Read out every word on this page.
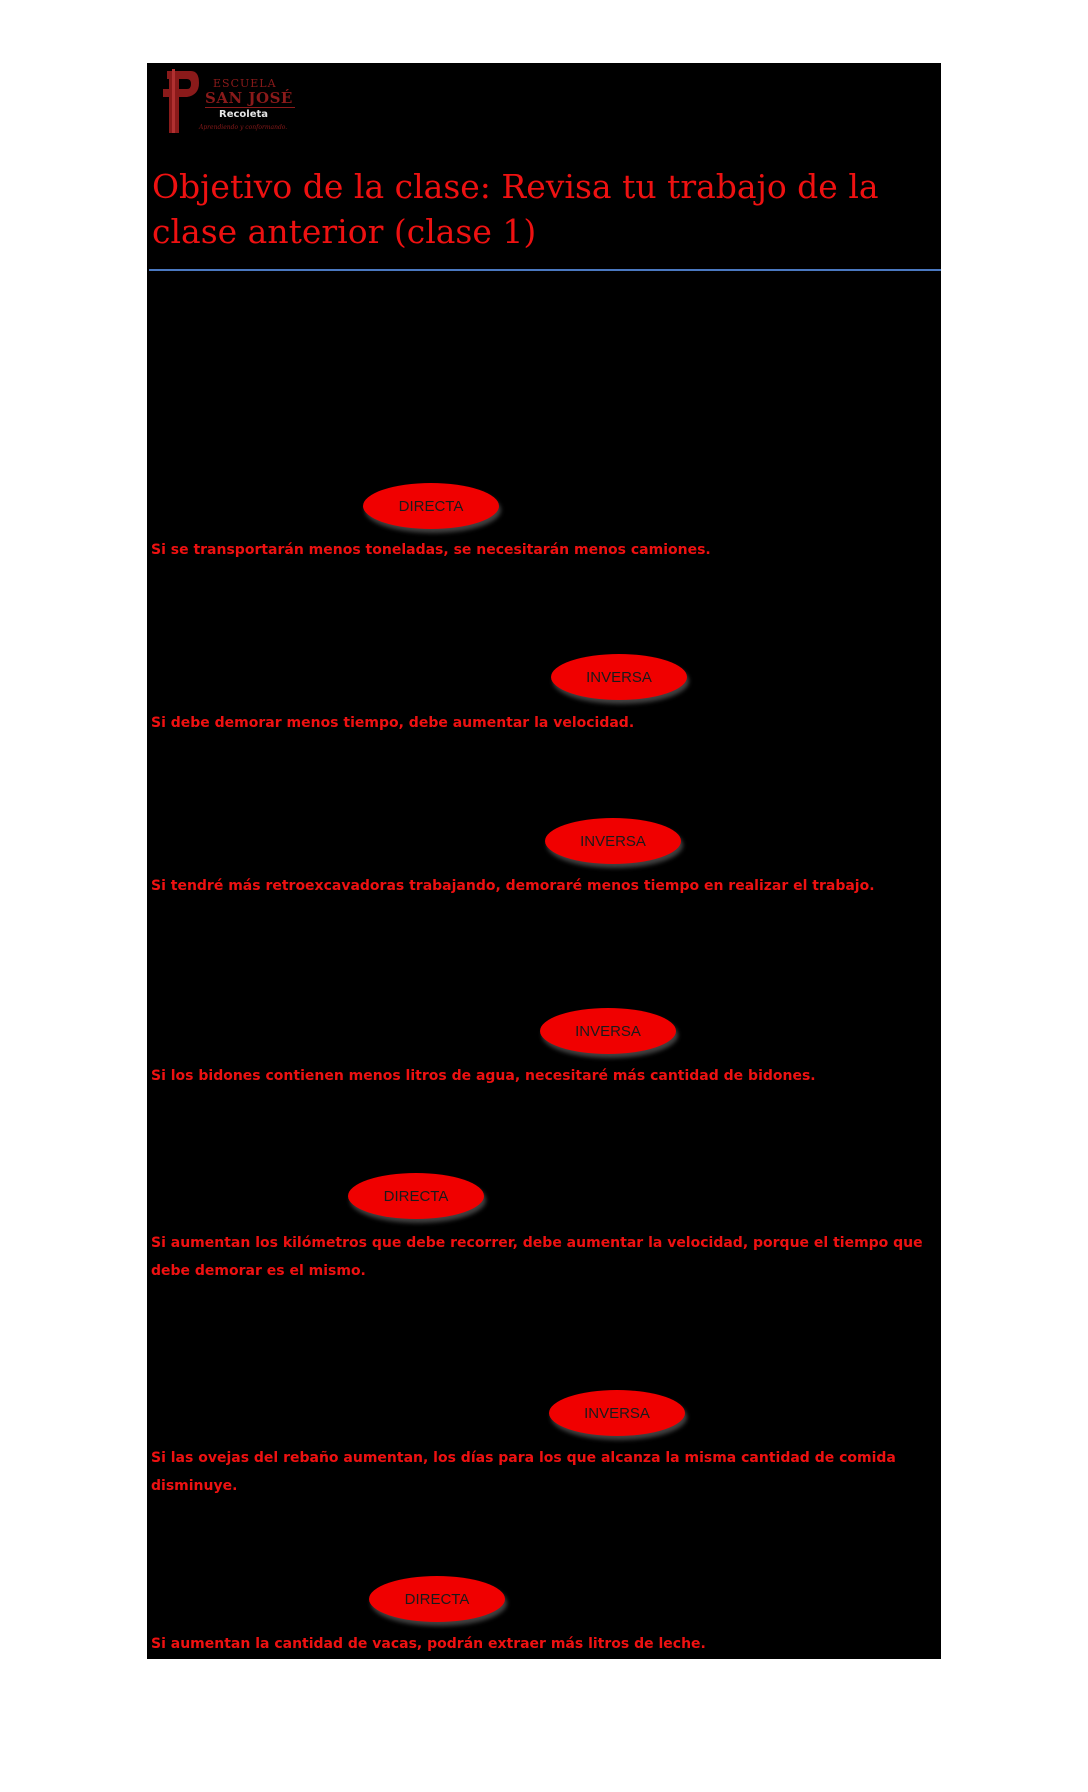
ESCUELA
SAN JOSÉ
Recoleta
Aprendiendo y conformando.
Objetivo de la clase: Revisa tu trabajo de la clase anterior (clase 1)
DIRECTA

Si se transportarán menos toneladas, se necesitarán menos camiones.

INVERSA

Si debe demorar menos tiempo, debe aumentar la velocidad.

INVERSA

Si tendré más retroexcavadoras trabajando, demoraré menos tiempo en realizar el trabajo.

INVERSA

Si los bidones contienen menos litros de agua, necesitaré más cantidad de bidones.

DIRECTA

Si aumentan los kilómetros que debe recorrer, debe aumentar la velocidad, porque el tiempo que debe demorar es el mismo.

INVERSA

Si las ovejas del rebaño aumentan, los días para los que alcanza la misma cantidad de comida disminuye.

DIRECTA

Si aumentan la cantidad de vacas, podrán extraer más litros de leche.
